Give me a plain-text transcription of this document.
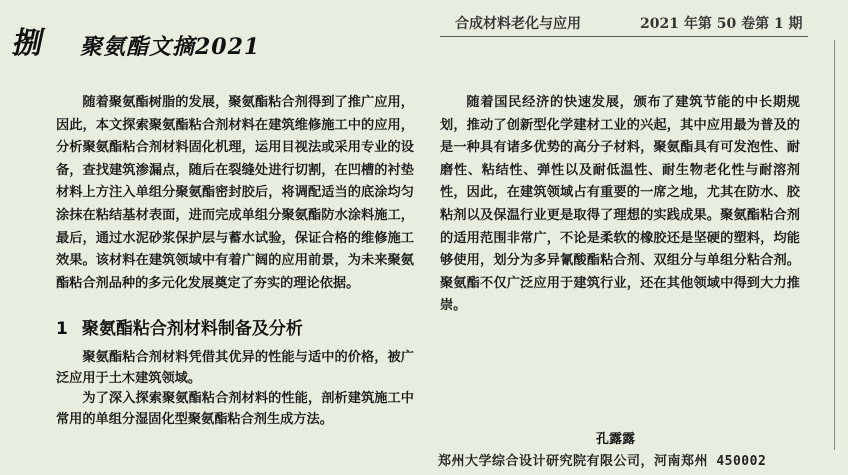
捌 聚氨酯文摘2021
合成材料老化与应用	2021 年第 50 卷第 1 期

随着聚氨酯树脂的发展，聚氨酯粘合剂得到了推广应用，因此，本文探索聚氨酯粘合剂材料在建筑维修施工中的应用，分析聚氨酯粘合剂材料固化机理，运用目视法或采用专业的设备，查找建筑渗漏点，随后在裂缝处进行切割，在凹槽的衬垫材料上方注入单组分聚氨酯密封胶后，将调配适当的底涂均匀涂抹在粘结基材表面，进而完成单组分聚氨酯防水涂料施工，最后，通过水泥砂浆保护层与蓄水试验，保证合格的维修施工效果。该材料在建筑领域中有着广阔的应用前景，为未来聚氨酯粘合剂品种的多元化发展奠定了夯实的理论依据。

1 聚氨酯粘合剂材料制备及分析

聚氨酯粘合剂材料凭借其优异的性能与适中的价格，被广泛应用于土木建筑领域。

为了深入探索聚氨酯粘合剂材料的性能，剖析建筑施工中常用的单组分湿固化型聚氨酯粘合剂生成方法。

随着国民经济的快速发展，颁布了建筑节能的中长期规划，推动了创新型化学建材工业的兴起，其中应用最为普及的是一种具有诸多优势的高分子材料，聚氨酯具有可发泡性、耐磨性、粘结性、弹性以及耐低温性、耐生物老化性与耐溶剂性，因此，在建筑领域占有重要的一席之地，尤其在防水、胶粘剂以及保温行业更是取得了理想的实践成果。聚氨酯粘合剂的适用范围非常广，不论是柔软的橡胶还是坚硬的塑料，均能够使用，划分为多异氰酸酯粘合剂、双组分与单组分粘合剂。聚氨酯不仅广泛应用于建筑行业，还在其他领域中得到大力推崇。

孔露露
郑州大学综合设计研究院有限公司，河南郑州 450002
